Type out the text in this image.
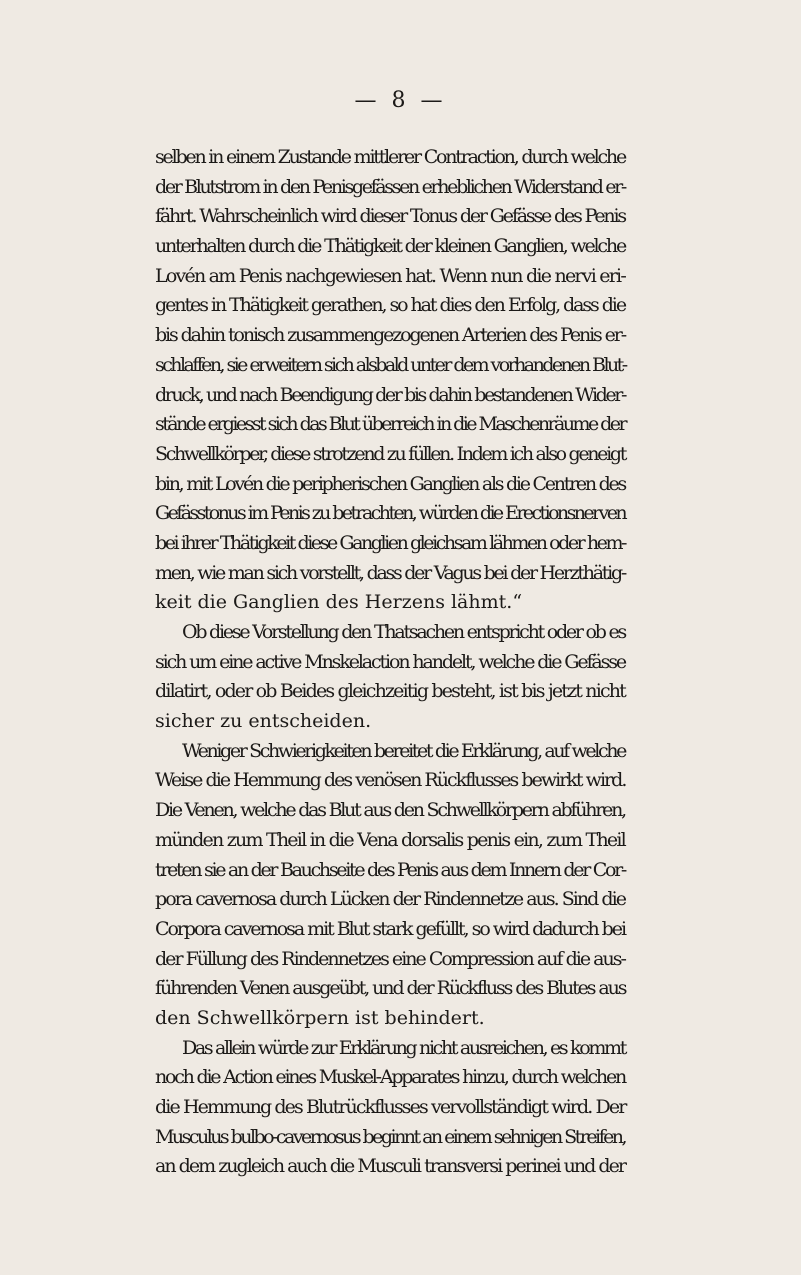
— 8 —
selben in einem Zustande mittlerer Contraction, durch welche
der Blutstrom in den Penisgefässen erheblichen Widerstand er-
fährt. Wahrscheinlich wird dieser Tonus der Gefässe des Penis
unterhalten durch die Thätigkeit der kleinen Ganglien, welche
Lovén am Penis nachgewiesen hat. Wenn nun die nervi eri-
gentes in Thätigkeit gerathen, so hat dies den Erfolg, dass die
bis dahin tonisch zusammengezogenen Arterien des Penis er-
schlaffen, sie erweitern sich alsbald unter dem vorhandenen Blut-
druck, und nach Beendigung der bis dahin bestandenen Wider-
stände ergiesst sich das Blut überreich in die Maschenräume der
Schwellkörper, diese strotzend zu füllen. Indem ich also geneigt
bin, mit Lovén die peripherischen Ganglien als die Centren des
Gefässtonus im Penis zu betrachten, würden die Erectionsnerven
bei ihrer Thätigkeit diese Ganglien gleichsam lähmen oder hem-
men, wie man sich vorstellt, dass der Vagus bei der Herzthätig-
keit die Ganglien des Herzens lähmt.“
Ob diese Vorstellung den Thatsachen entspricht oder ob es
sich um eine active Mnskelaction handelt, welche die Gefässe
dilatirt, oder ob Beides gleichzeitig besteht, ist bis jetzt nicht
sicher zu entscheiden.
Weniger Schwierigkeiten bereitet die Erklärung, auf welche
Weise die Hemmung des venösen Rückflusses bewirkt wird.
Die Venen, welche das Blut aus den Schwellkörpern abführen,
münden zum Theil in die Vena dorsalis penis ein, zum Theil
treten sie an der Bauchseite des Penis aus dem Innern der Cor-
pora cavernosa durch Lücken der Rindennetze aus. Sind die
Corpora cavernosa mit Blut stark gefüllt, so wird dadurch bei
der Füllung des Rindennetzes eine Compression auf die aus-
führenden Venen ausgeübt, und der Rückfluss des Blutes aus
den Schwellkörpern ist behindert.
Das allein würde zur Erklärung nicht ausreichen, es kommt
noch die Action eines Muskel-Apparates hinzu, durch welchen
die Hemmung des Blutrückflusses vervollständigt wird. Der
Musculus bulbo-cavernosus beginnt an einem sehnigen Streifen,
an dem zugleich auch die Musculi transversi perinei und der
